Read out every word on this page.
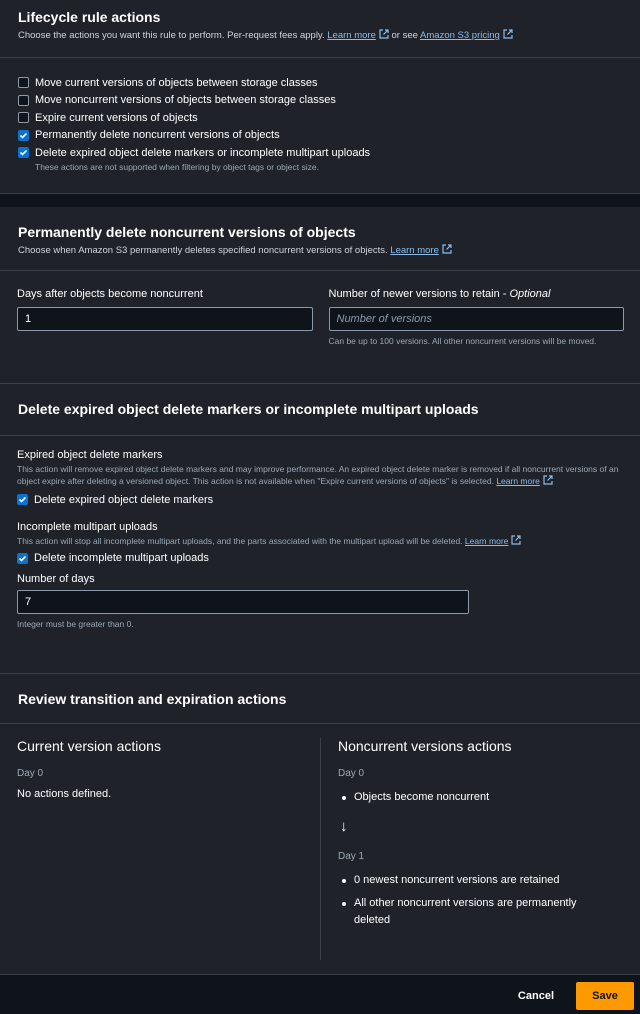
Lifecycle rule actions
Choose the actions you want this rule to perform. Per-request fees apply. Learn more or see Amazon S3 pricing
Move current versions of objects between storage classes
Move noncurrent versions of objects between storage classes
Expire current versions of objects
Permanently delete noncurrent versions of objects
Delete expired object delete markers or incomplete multipart uploads
These actions are not supported when filtering by object tags or object size.
Permanently delete noncurrent versions of objects
Choose when Amazon S3 permanently deletes specified noncurrent versions of objects. Learn more
Days after objects become noncurrent
1
Number of newer versions to retain - Optional
Number of versions
Can be up to 100 versions. All other noncurrent versions will be moved.
Delete expired object delete markers or incomplete multipart uploads
Expired object delete markers
This action will remove expired object delete markers and may improve performance. An expired object delete marker is removed if all noncurrent versions of an object expire after deleting a versioned object. This action is not available when "Expire current versions of objects" is selected. Learn more
Delete expired object delete markers
Incomplete multipart uploads
This action will stop all incomplete multipart uploads, and the parts associated with the multipart upload will be deleted. Learn more
Delete incomplete multipart uploads
Number of days
7
Integer must be greater than 0.
Review transition and expiration actions
Current version actions
Day 0
No actions defined.
Noncurrent versions actions
Day 0
Objects become noncurrent
↓
Day 1
0 newest noncurrent versions are retained
All other noncurrent versions are permanently deleted
Cancel	Save
